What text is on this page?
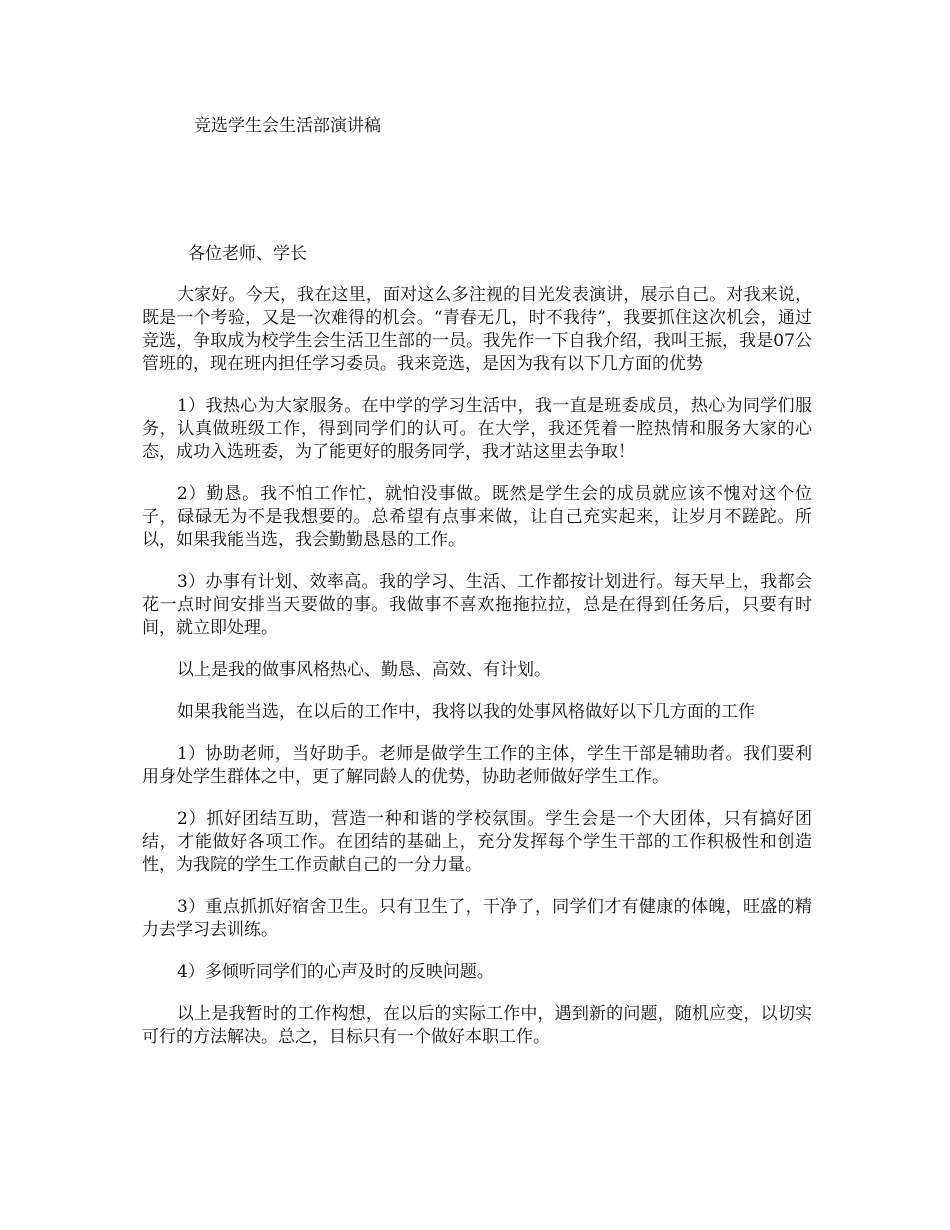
竞选学生会生活部演讲稿
各位老师、学长

大家好。今天，我在这里，面对这么多注视的目光发表演讲，展示自己。对我来说，既是一个考验，又是一次难得的机会。“青春无几，时不我待”，我要抓住这次机会，通过竞选，争取成为校学生会生活卫生部的一员。我先作一下自我介绍，我叫王振，我是07公管班的，现在班内担任学习委员。我来竞选，是因为我有以下几方面的优势

1）我热心为大家服务。在中学的学习生活中，我一直是班委成员，热心为同学们服务，认真做班级工作，得到同学们的认可。在大学，我还凭着一腔热情和服务大家的心态，成功入选班委，为了能更好的服务同学，我才站这里去争取！

2）勤恳。我不怕工作忙，就怕没事做。既然是学生会的成员就应该不愧对这个位子，碌碌无为不是我想要的。总希望有点事来做，让自己充实起来，让岁月不蹉跎。所以，如果我能当选，我会勤勤恳恳的工作。

3）办事有计划、效率高。我的学习、生活、工作都按计划进行。每天早上，我都会花一点时间安排当天要做的事。我做事不喜欢拖拖拉拉，总是在得到任务后，只要有时间，就立即处理。

以上是我的做事风格热心、勤恳、高效、有计划。

如果我能当选，在以后的工作中，我将以我的处事风格做好以下几方面的工作

1）协助老师，当好助手。老师是做学生工作的主体，学生干部是辅助者。我们要利用身处学生群体之中，更了解同龄人的优势，协助老师做好学生工作。

2）抓好团结互助，营造一种和谐的学校氛围。学生会是一个大团体，只有搞好团结，才能做好各项工作。在团结的基础上，充分发挥每个学生干部的工作积极性和创造性，为我院的学生工作贡献自己的一分力量。

3）重点抓抓好宿舍卫生。只有卫生了，干净了，同学们才有健康的体魄，旺盛的精力去学习去训练。

4）多倾听同学们的心声及时的反映问题。

以上是我暂时的工作构想，在以后的实际工作中，遇到新的问题，随机应变，以切实可行的方法解决。总之，目标只有一个做好本职工作。
